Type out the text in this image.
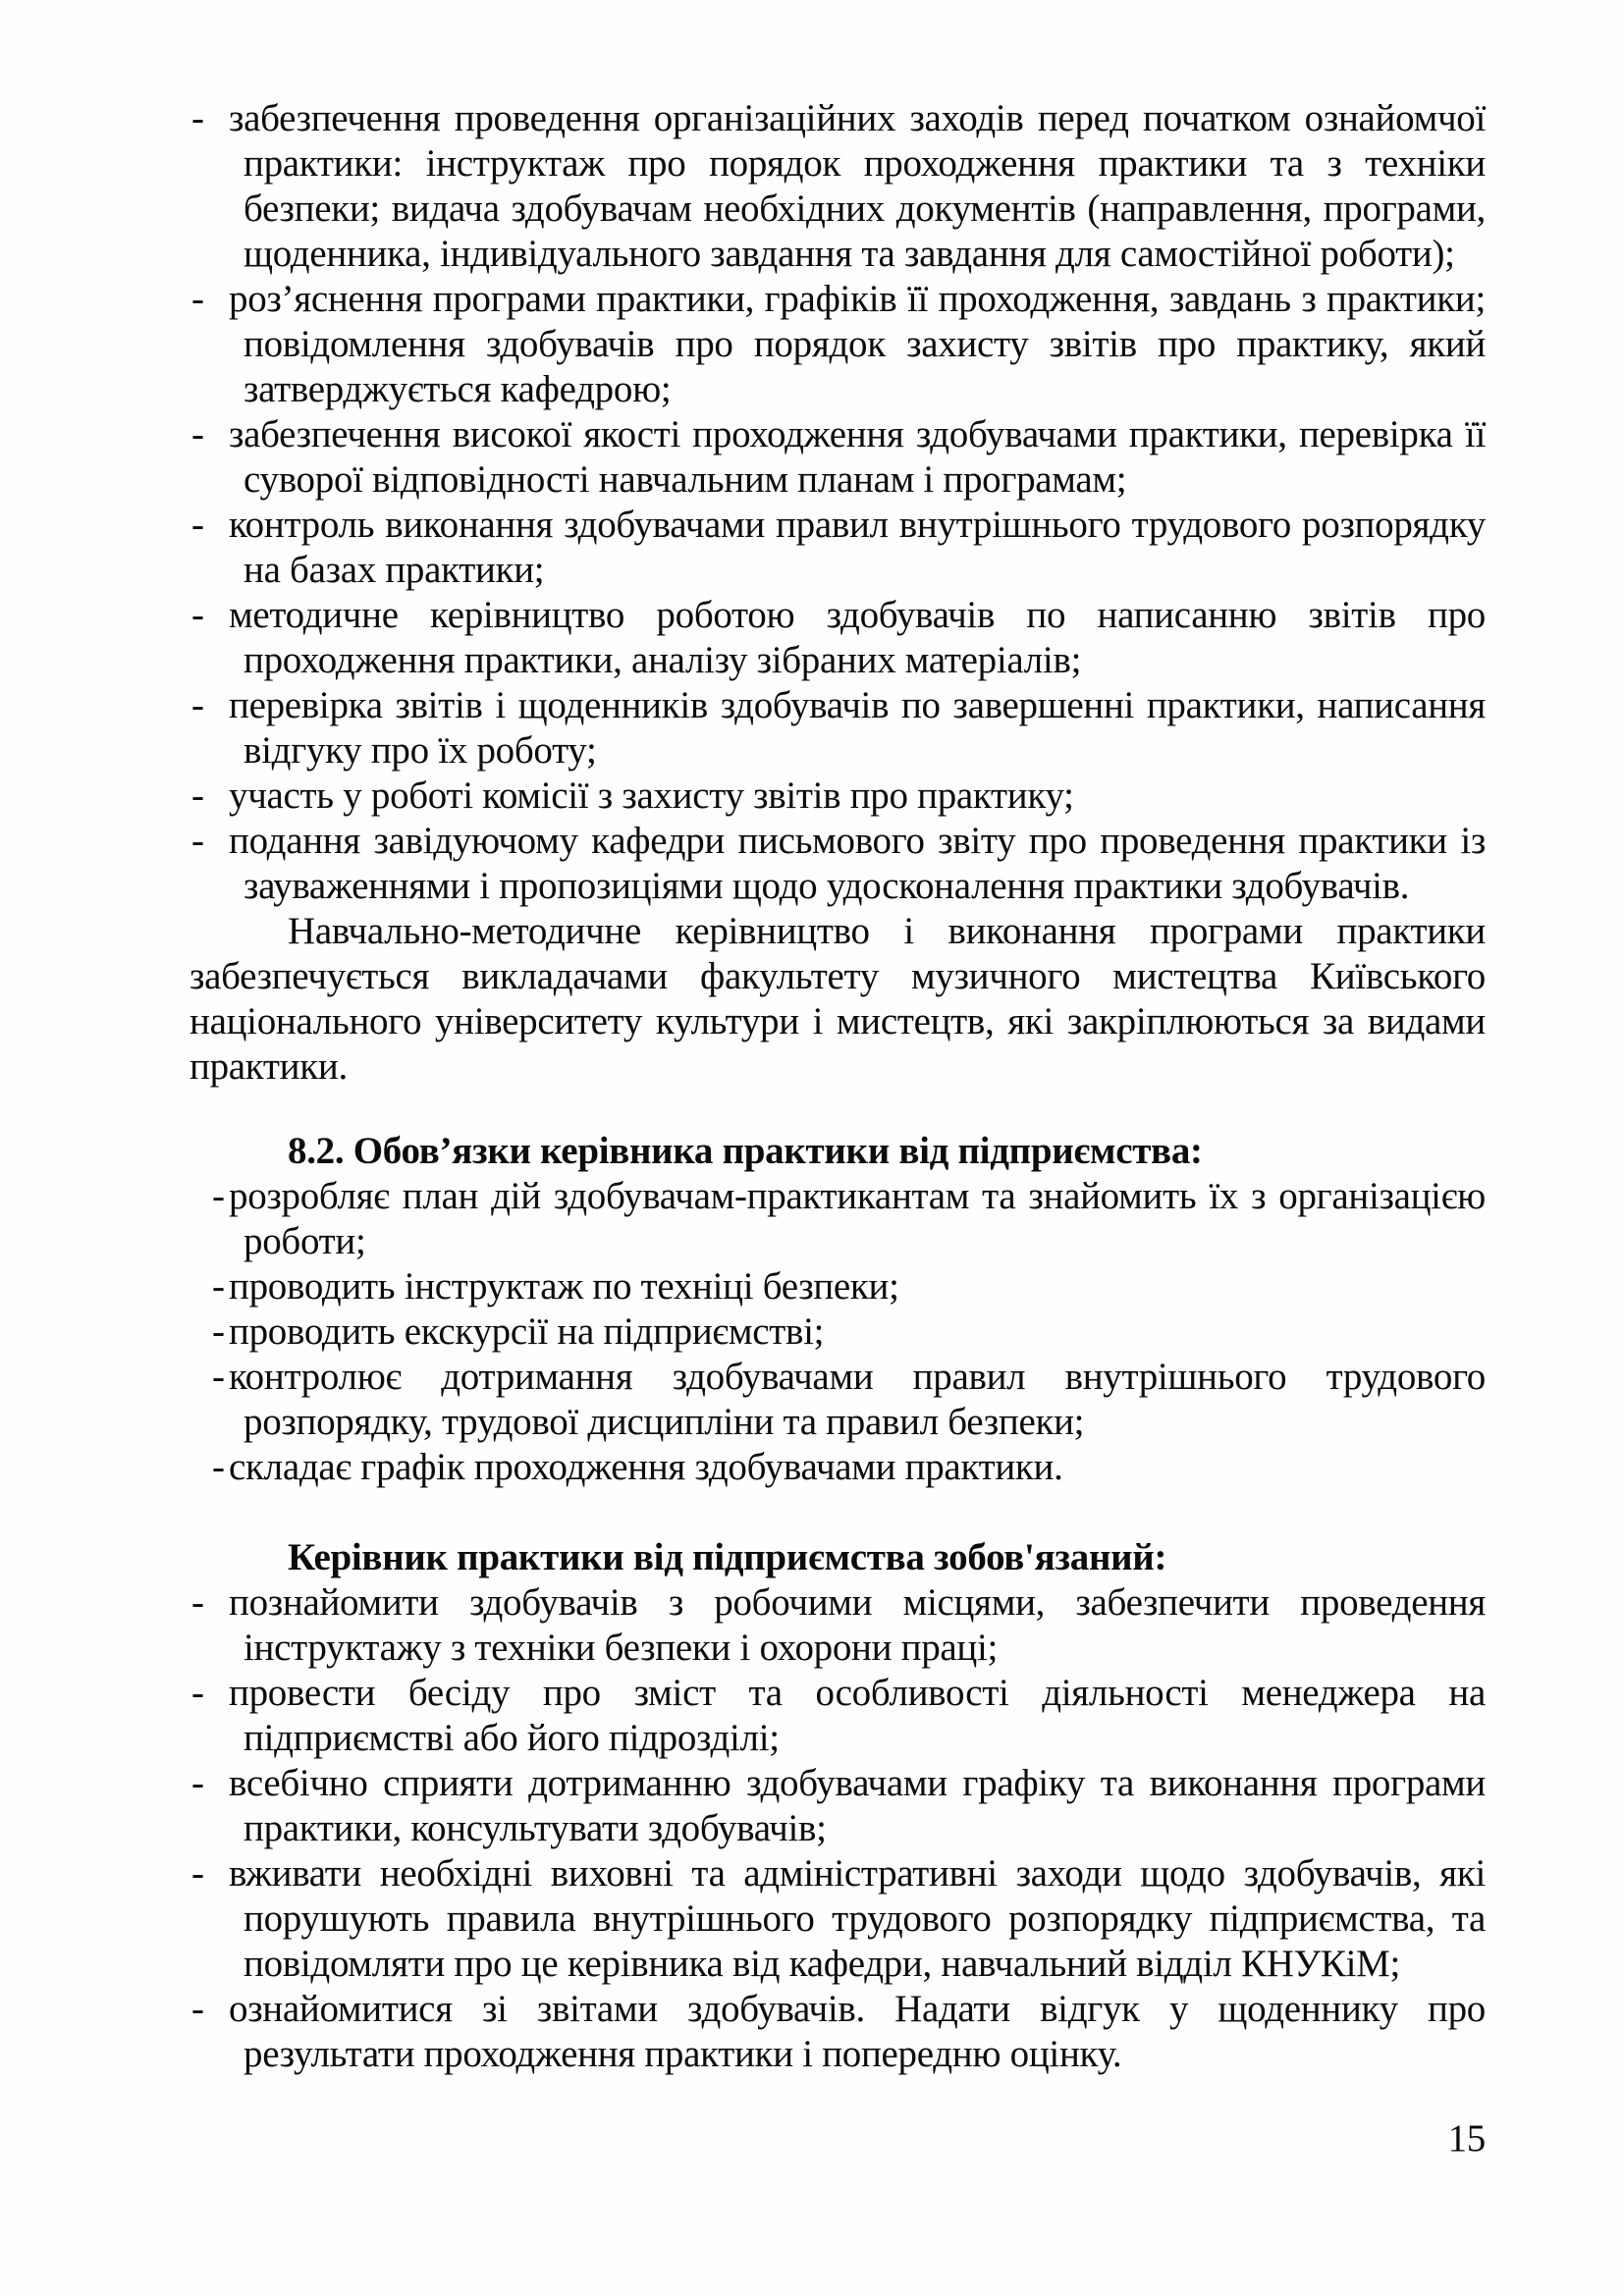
- забезпечення проведення організаційних заходів перед початком ознайомчої практики: інструктаж про порядок проходження практики та з техніки безпеки; видача здобувачам необхідних документів (направлення, програми, щоденника, індивідуального завдання та завдання для самостійної роботи);
- роз’яснення програми практики, графіків її проходження, завдань з практики; повідомлення здобувачів про порядок захисту звітів про практику, який затверджується кафедрою;
- забезпечення високої якості проходження здобувачами практики, перевірка її суворої відповідності навчальним планам і програмам;
- контроль виконання здобувачами правил внутрішнього трудового розпорядку на базах практики;
- методичне керівництво роботою здобувачів по написанню звітів про проходження практики, аналізу зібраних матеріалів;
- перевірка звітів і щоденників здобувачів по завершенні практики, написання відгуку про їх роботу;
- участь у роботі комісії з захисту звітів про практику;
- подання завідуючому кафедри письмового звіту про проведення практики із зауваженнями і пропозиціями щодо удосконалення практики здобувачів.

Навчально-методичне керівництво і виконання програми практики забезпечується викладачами факультету музичного мистецтва Київського національного університету культури і мистецтв, які закріплюються за видами практики.

8.2. Обов’язки керівника практики від підприємства:

- розробляє план дій здобувачам-практикантам та знайомить їх з організацією роботи;
- проводить інструктаж по техніці безпеки;
- проводить екскурсії на підприємстві;
- контролює дотримання здобувачами правил внутрішнього трудового розпорядку, трудової дисципліни та правил безпеки;
- складає графік проходження здобувачами практики.

Керівник практики від підприємства зобов'язаний:

- познайомити здобувачів з робочими місцями, забезпечити проведення інструктажу з техніки безпеки і охорони праці;
- провести бесіду про зміст та особливості діяльності менеджера на підприємстві або його підрозділі;
- всебічно сприяти дотриманню здобувачами графіку та виконання програми практики, консультувати здобувачів;
- вживати необхідні виховні та адміністративні заходи щодо здобувачів, які порушують правила внутрішнього трудового розпорядку підприємства, та повідомляти про це керівника від кафедри, навчальний відділ КНУКіМ;
- ознайомитися зі звітами здобувачів. Надати відгук у щоденнику про результати проходження практики і попередню оцінку.
15
